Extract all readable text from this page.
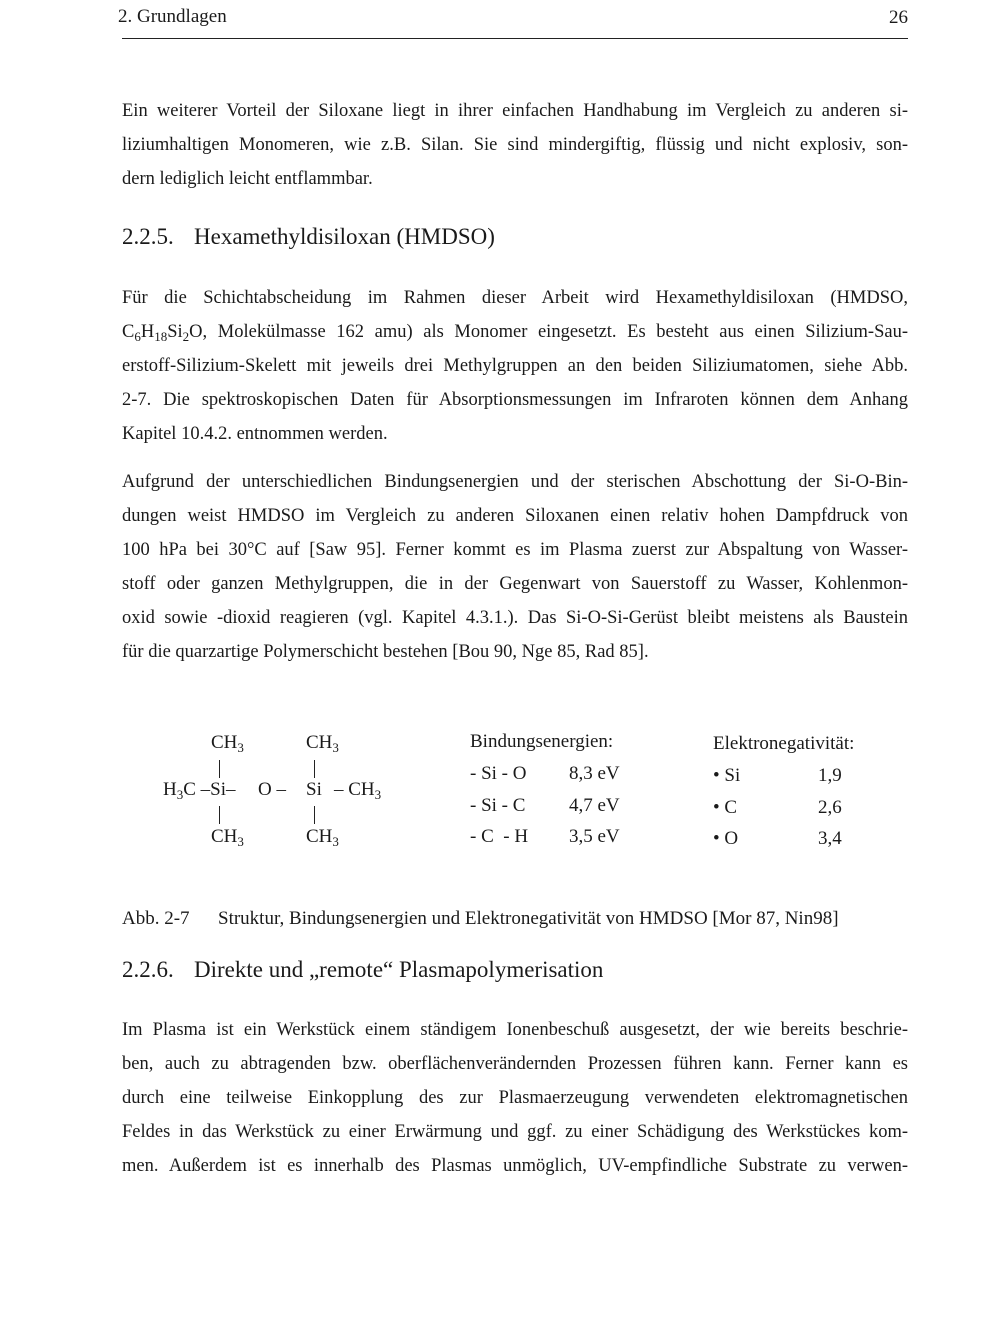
2. Grundlagen	26
Ein weiterer Vorteil der Siloxane liegt in ihrer einfachen Handhabung im Vergleich zu anderen si-
liziumhaltigen Monomeren, wie z.B. Silan. Sie sind mindergiftig, flüssig und nicht explosiv, son-
dern lediglich leicht entflammbar.
2.2.5. Hexamethyldisiloxan (HMDSO)
Für die Schichtabscheidung im Rahmen dieser Arbeit wird Hexamethyldisiloxan (HMDSO,
$C_6H_{18}Si_2O$, Molekülmasse 162 amu) als Monomer eingesetzt. Es besteht aus einen Silizium-Sau-
erstoff-Silizium-Skelett mit jeweils drei Methylgruppen an den beiden Siliziumatomen, siehe Abb.
2-7. Die spektroskopischen Daten für Absorptionsmessungen im Infraroten können dem Anhang
Kapitel 10.4.2. entnommen werden.
Aufgrund der unterschiedlichen Bindungsenergien und der sterischen Abschottung der Si-O-Bin-
dungen weist HMDSO im Vergleich zu anderen Siloxanen einen relativ hohen Dampfdruck von
100 hPa bei 30°C auf [Saw 95]. Ferner kommt es im Plasma zuerst zur Abspaltung von Wasser-
stoff oder ganzen Methylgruppen, die in der Gegenwart von Sauerstoff zu Wasser, Kohlenmon-
oxid sowie -dioxid reagieren (vgl. Kapitel 4.3.1.). Das Si-O-Si-Gerüst bleibt meistens als Baustein
für die quarzartige Polymerschicht bestehen [Bou 90, Nge 85, Rad 85].
$CH_3$	$CH_3$
$H_3C$ –Si– O – Si – $CH_3$
$CH_3$	$CH_3$
Bindungsenergien:
- Si - O 8,3 eV
- Si - C 4,7 eV
- C  - H 3,5 eV
Elektronegativität:
• Si	1,9
• C	2,6
• O	3,4
Abb. 2-7 Struktur, Bindungsenergien und Elektronegativität von HMDSO [Mor 87, Nin98]
2.2.6. Direkte und „remote“ Plasmapolymerisation
Im Plasma ist ein Werkstück einem ständigem Ionenbeschuß ausgesetzt, der wie bereits beschrie-
ben, auch zu abtragenden bzw. oberflächenverändernden Prozessen führen kann. Ferner kann es
durch eine teilweise Einkopplung des zur Plasmaerzeugung verwendeten elektromagnetischen
Feldes in das Werkstück zu einer Erwärmung und ggf. zu einer Schädigung des Werkstückes kom-
men. Außerdem ist es innerhalb des Plasmas unmöglich, UV-empfindliche Substrate zu verwen-
